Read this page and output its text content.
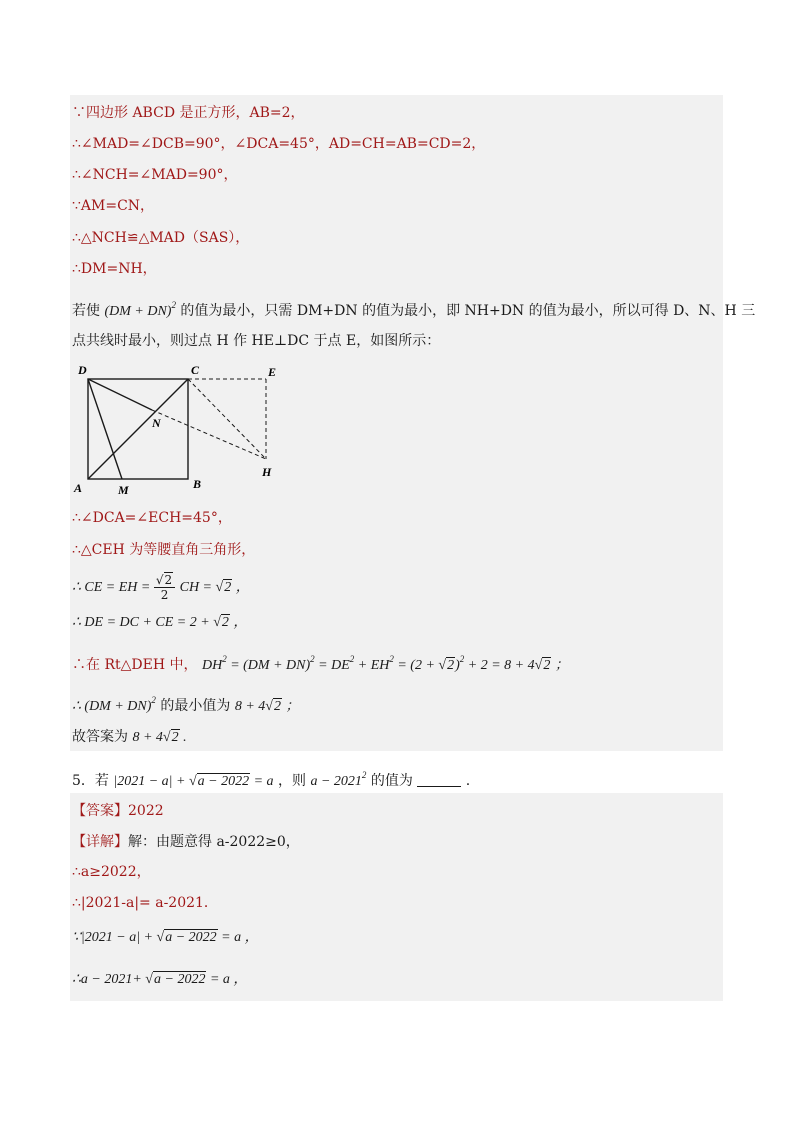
∵四边形 ABCD 是正方形，AB=2，
∴∠MAD=∠DCB=90°，∠DCA=45°，AD=CH=AB=CD=2，
∴∠NCH=∠MAD=90°，
∵AM=CN，
∴△NCH≌△MAD（SAS），
∴DM=NH，
若使 (DM + DN)$^2$ 的值为最小，只需 DM+DN 的值为最小，即 NH+DN 的值为最小，所以可得 D、N、H 三
点共线时最小，则过点 H 作 HE⊥DC 于点 E，如图所示：
D	C	E
N
H
A	M	B
∴∠DCA=∠ECH=45°，
∴△CEH 为等腰直角三角形，
∴ CE = EH = $\frac{√2}{2}$ CH = √2 ，
∴ DE = DC + CE = 2 + √2 ，
∴在 Rt△DEH 中， $DH^2 = (DM + DN)^2 = DE^2 + EH^2 = (2 + √2)^2 + 2 = 8 + 4√2$ ；
∴ (DM + DN)$^2$ 的最小值为 8 + 4√2 ；
故答案为 8 + 4√2 .
5．若 |2021 − a| + √a − 2022 = a ，则 $a - 2021^2$ 的值为	.
【答案】2022
【详解】解：由题意得 a-2022≥0，
∴a≥2022，
∴|2021-a|= a-2021．
∵|2021 − a| + √a − 2022 = a ，
∴a − 2021+ √a − 2022 = a ，
